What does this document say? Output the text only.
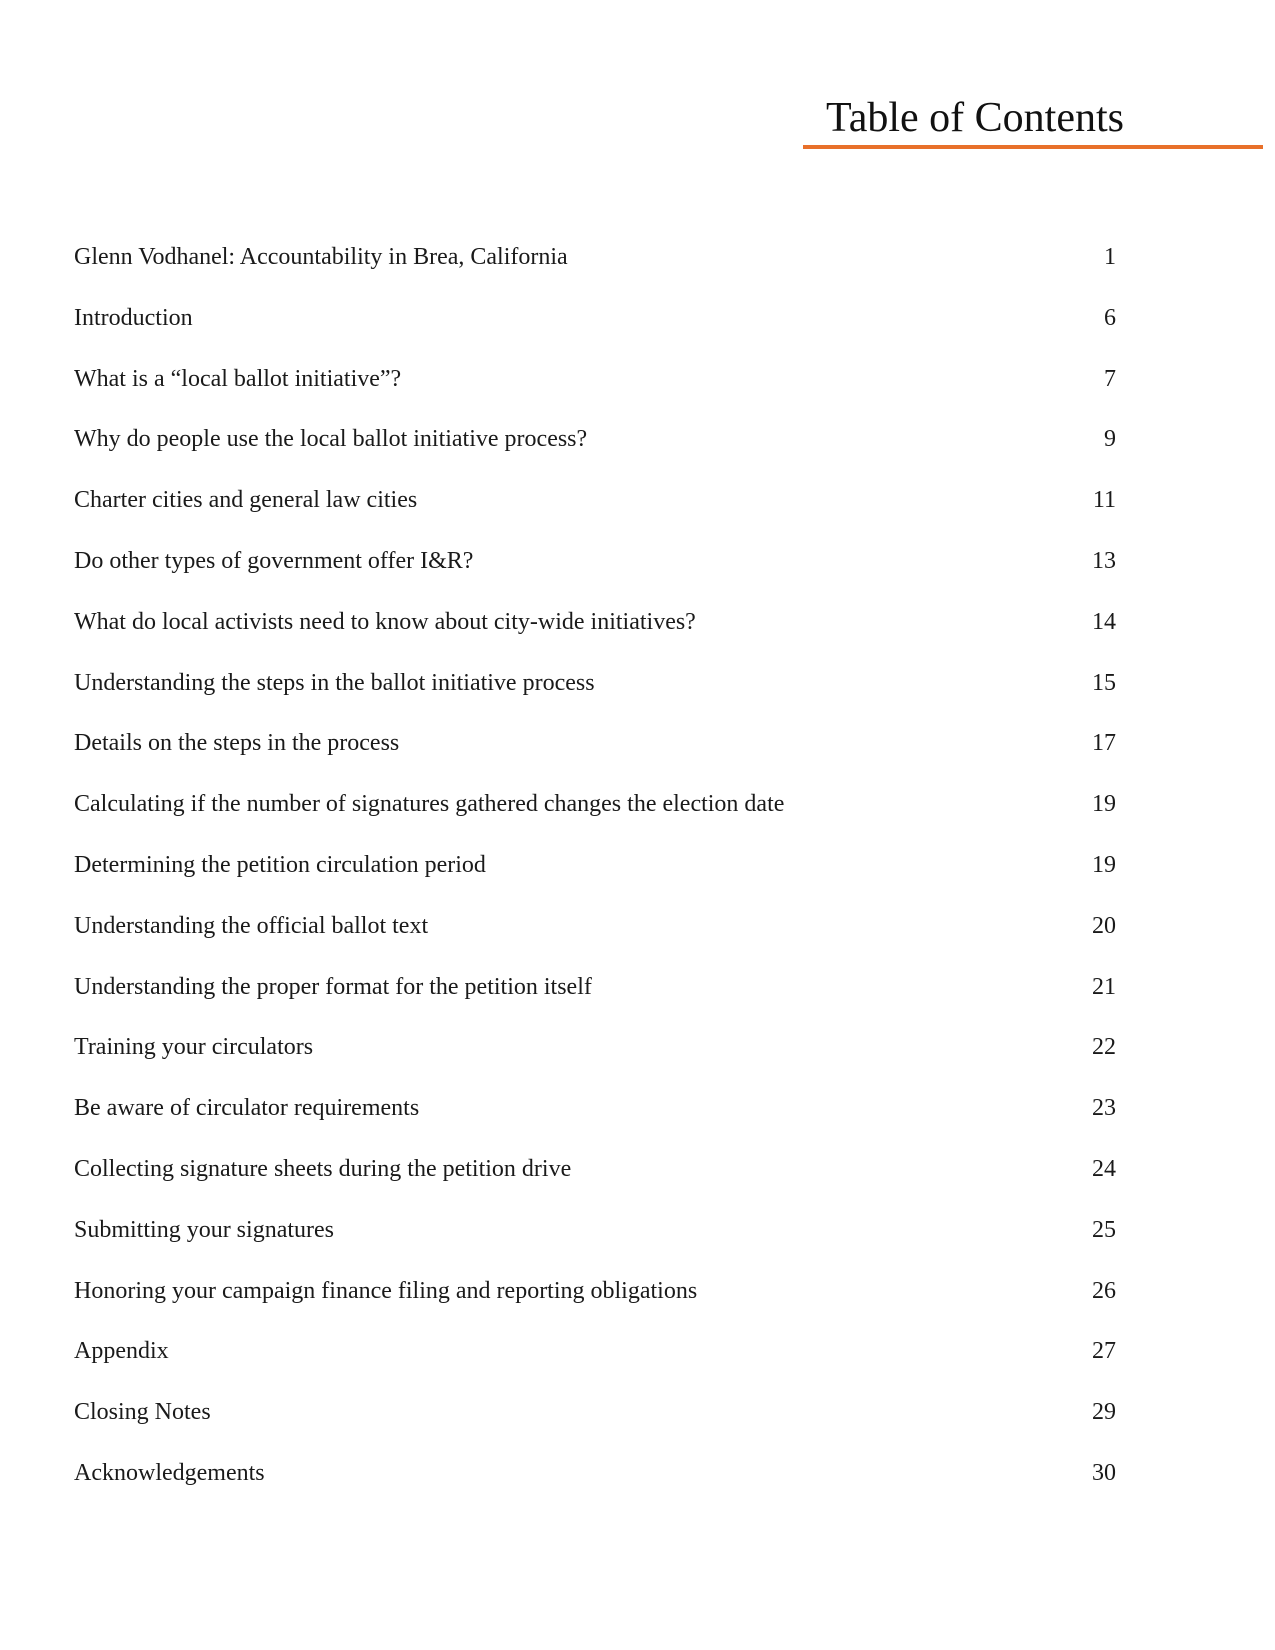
Table of Contents
Glenn Vodhanel: Accountability in Brea, California	1
Introduction	6
What is a “local ballot initiative”?	7
Why do people use the local ballot initiative process?	9
Charter cities and general law cities	11
Do other types of government offer I&R?	13
What do local activists need to know about city-wide initiatives?	14
Understanding the steps in the ballot initiative process	15
Details on the steps in the process	17
Calculating if the number of signatures gathered changes the election date	19
Determining the petition circulation period	19
Understanding the official ballot text	20
Understanding the proper format for the petition itself	21
Training your circulators	22
Be aware of circulator requirements	23
Collecting signature sheets during the petition drive	24
Submitting your signatures	25
Honoring your campaign finance filing and reporting obligations	26
Appendix	27
Closing Notes	29
Acknowledgements	30
